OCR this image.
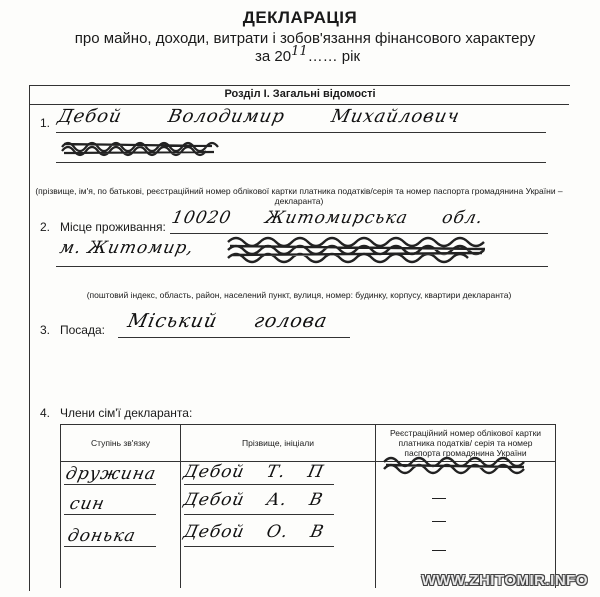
ДЕКЛАРАЦІЯ
про майно, доходи, витрати і зобов'язання фінансового характеру
за 2011…… рік
Розділ І. Загальні відомості
1. Дебой Володимир Михайлович
(прізвище, ім'я, по батькові, реєстраційний номер облікової картки платника податків/серія та номер паспорта громадянина України – декларанта)
2. Місце проживання: 10020 Житомирська обл.
м. Житомир,
(поштовий індекс, область, район, населений пункт, вулиця, номер: будинку, корпусу, квартири декларанта)
3. Посада: Міський голова
4. Члени сім'ї декларанта:
Ступінь зв'язку	Прізвище, ініціали	Реєстраційний номер облікової картки платника податків/ серія та номер паспорта громадянина України

дружина Дебой Т. П
син	Дебой А. В
донька	Дебой О. В
WWW.ZHITOMIR.INFO
